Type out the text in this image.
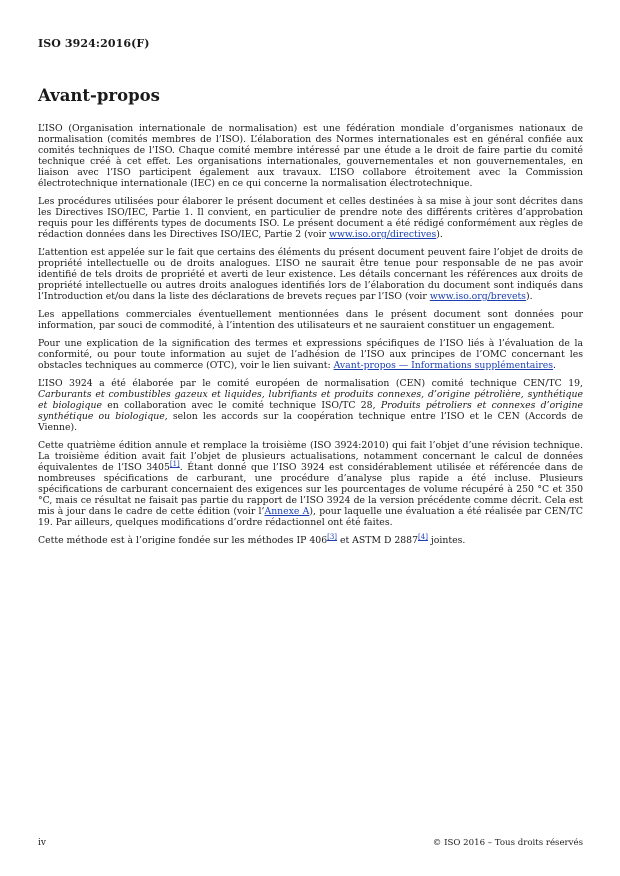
ISO 3924:2016(F)
Avant-propos

L’ISO (Organisation internationale de normalisation) est une fédération mondiale d’organismes nationaux de normalisation (comités membres de l’ISO). L’élaboration des Normes internationales est en général confiée aux comités techniques de l’ISO. Chaque comité membre intéressé par une étude a le droit de faire partie du comité technique créé à cet effet. Les organisations internationales, gouvernementales et non gouvernementales, en liaison avec l’ISO participent également aux travaux. L’ISO collabore étroitement avec la Commission électrotechnique internationale (IEC) en ce qui concerne la normalisation électrotechnique.

Les procédures utilisées pour élaborer le présent document et celles destinées à sa mise à jour sont décrites dans les Directives ISO/IEC, Partie 1. Il convient, en particulier de prendre note des différents critères d’approbation requis pour les différents types de documents ISO. Le présent document a été rédigé conformément aux règles de rédaction données dans les Directives ISO/IEC, Partie 2 (voir www.iso.org/directives).

L’attention est appelée sur le fait que certains des éléments du présent document peuvent faire l’objet de droits de propriété intellectuelle ou de droits analogues. L’ISO ne saurait être tenue pour responsable de ne pas avoir identifié de tels droits de propriété et averti de leur existence. Les détails concernant les références aux droits de propriété intellectuelle ou autres droits analogues identifiés lors de l’élaboration du document sont indiqués dans l’Introduction et/ou dans la liste des déclarations de brevets reçues par l’ISO (voir www.iso.org/brevets).

Les appellations commerciales éventuellement mentionnées dans le présent document sont données pour information, par souci de commodité, à l’intention des utilisateurs et ne sauraient constituer un engagement.

Pour une explication de la signification des termes et expressions spécifiques de l’ISO liés à l’évaluation de la conformité, ou pour toute information au sujet de l’adhésion de l’ISO aux principes de l’OMC concernant les obstacles techniques au commerce (OTC), voir le lien suivant: Avant-propos — Informations supplémentaires.

L’ISO 3924 a été élaborée par le comité européen de normalisation (CEN) comité technique CEN/TC 19, Carburants et combustibles gazeux et liquides, lubrifiants et produits connexes, d’origine pétrolière, synthétique et biologique en collaboration avec le comité technique ISO/TC 28, Produits pétroliers et connexes d’origine synthétique ou biologique, selon les accords sur la coopération technique entre l’ISO et le CEN (Accords de Vienne).

Cette quatrième édition annule et remplace la troisième (ISO 3924:2010) qui fait l’objet d’une révision technique. La troisième édition avait fait l’objet de plusieurs actualisations, notamment concernant le calcul de données équivalentes de l’ISO 3405[1]. Étant donné que l’ISO 3924 est considérablement utilisée et référencée dans de nombreuses spécifications de carburant, une procédure d’analyse plus rapide a été incluse. Plusieurs spécifications de carburant concernaient des exigences sur les pourcentages de volume récupéré à 250 °C et 350 °C, mais ce résultat ne faisait pas partie du rapport de l’ISO 3924 de la version précédente comme décrit. Cela est mis à jour dans le cadre de cette édition (voir l’Annexe A), pour laquelle une évaluation a été réalisée par CEN/TC 19. Par ailleurs, quelques modifications d’ordre rédactionnel ont été faites.

Cette méthode est à l’origine fondée sur les méthodes IP 406[3] et ASTM D 2887[4] jointes.

iv	© ISO 2016 – Tous droits réservés
